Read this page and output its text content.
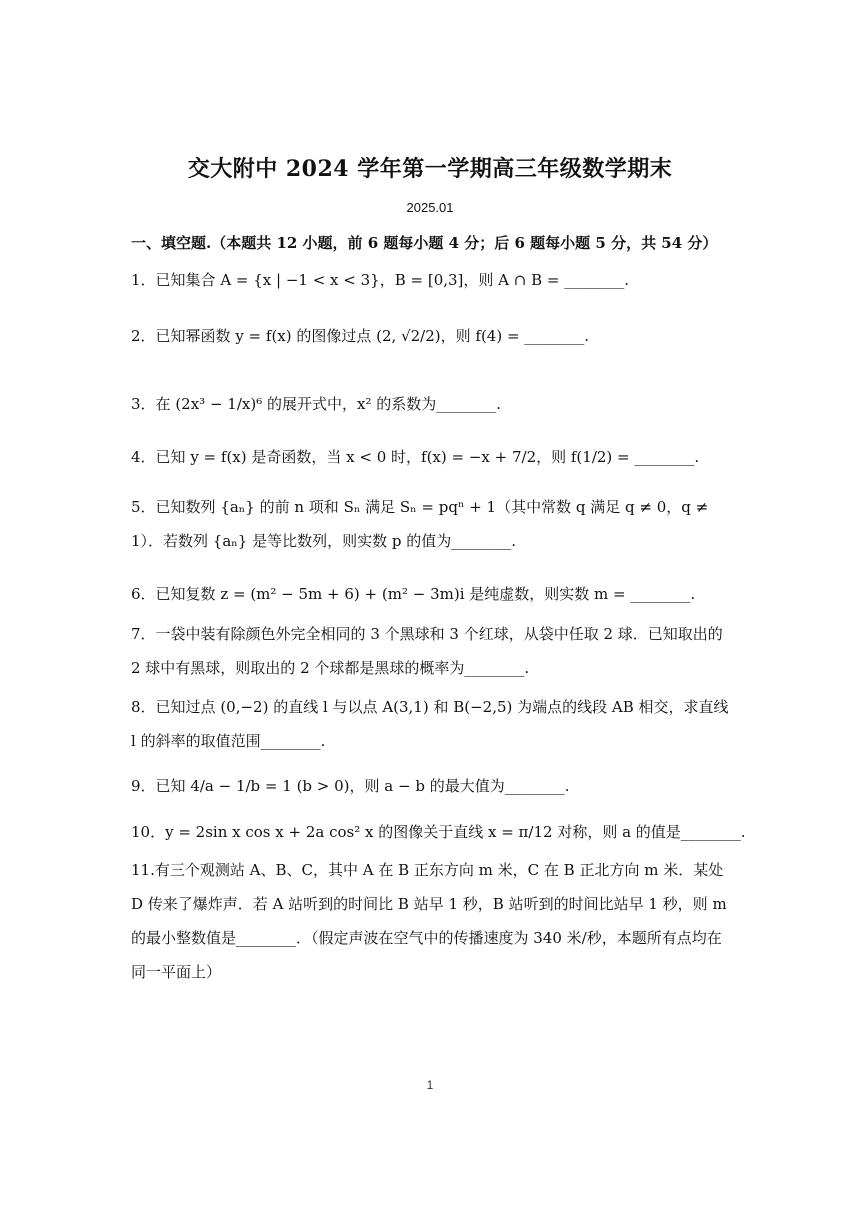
交大附中 2024 学年第一学期高三年级数学期末
2025.01
一、填空题.（本题共 12 小题，前 6 题每小题 4 分；后 6 题每小题 5 分，共 54 分）
1．已知集合 A = {x | −1 < x < 3}，B = [0,3]，则 A ∩ B = ________.
2．已知幂函数 y = f(x) 的图像过点 (2, √2/2)，则 f(4) = ________.
3．在 (2x³ − 1/x)⁶ 的展开式中，x² 的系数为________.
4．已知 y = f(x) 是奇函数，当 x < 0 时，f(x) = −x + 7/2，则 f(1/2) = ________.
5．已知数列 {aₙ} 的前 n 项和 Sₙ 满足 Sₙ = pqⁿ + 1（其中常数 q 满足 q ≠ 0，q ≠ 1）．若数列 {aₙ} 是等比数列，则实数 p 的值为________.
6．已知复数 z = (m² − 5m + 6) + (m² − 3m)i 是纯虚数，则实数 m = ________.
7．一袋中装有除颜色外完全相同的 3 个黑球和 3 个红球，从袋中任取 2 球．已知取出的 2 球中有黑球，则取出的 2 个球都是黑球的概率为________.
8．已知过点 (0,−2) 的直线 l 与以点 A(3,1) 和 B(−2,5) 为端点的线段 AB 相交，求直线 l 的斜率的取值范围________.
9．已知 4/a − 1/b = 1 (b > 0)，则 a − b 的最大值为________.
10．y = 2sin x cos x + 2a cos² x 的图像关于直线 x = π/12 对称，则 a 的值是________.
11.有三个观测站 A、B、C，其中 A 在 B 正东方向 m 米，C 在 B 正北方向 m 米．某处 D 传来了爆炸声．若 A 站听到的时间比 B 站早 1 秒，B 站听到的时间比站早 1 秒，则 m 的最小整数值是________．（假定声波在空气中的传播速度为 340 米/秒，本题所有点均在同一平面上）
1
